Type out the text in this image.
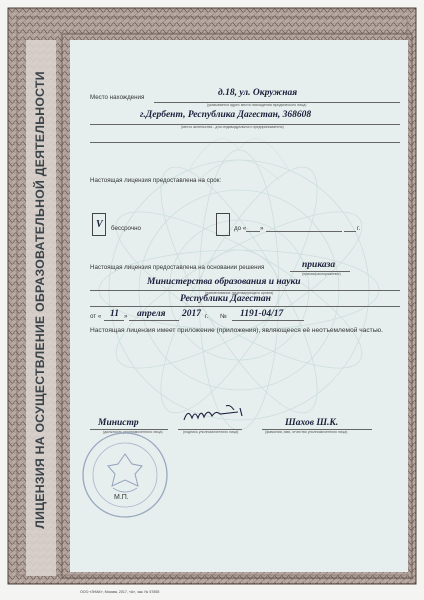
ЛИЦЕНЗИЯ НА ОСУЩЕСТВЛЕНИЕ ОБРАЗОВАТЕЛЬНОЙ ДЕЯТЕЛЬНОСТИ	Место нахождения	д.18, ул. Окружная
(указывается адрес места нахождения юридического лица)
г.Дербент, Республика Дагестан, 368608
(место жительства - для индивидуального предпринимателя)
Настоящая лицензия предоставлена на срок:
V бессрочно	до « »	г.
Настоящая лицензия предоставлена на основании решения	приказа
(приказ/распоряжение)
Министерства образования и науки
(наименование лицензирующего органа)
Республики Дагестан
от « 11 » апреля 2017 г. № 1191-04/17
Настоящая лицензия имеет приложение (приложения), являющееся её неотъемлемой частью.
Министр
(должность уполномоченного лица)	(подпись уполномоченного лица)
Шахов Ш.К.
(фамилия, имя, отчество уполномоченного лица)
М.П.
ООО «ЗНАК», Москва, 2017, «А», зак. № 57855
